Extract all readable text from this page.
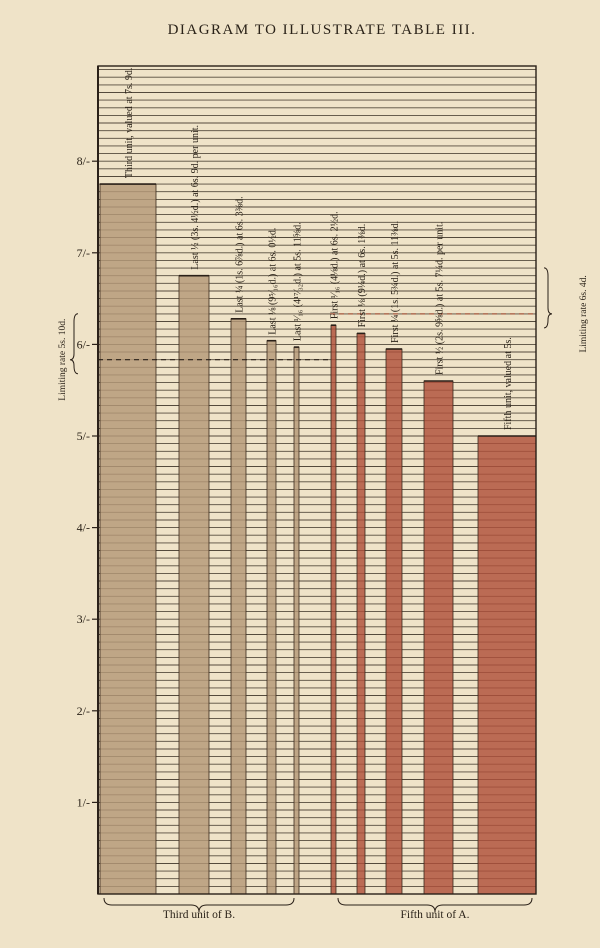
DIAGRAM TO ILLUSTRATE TABLE III.
Limiting rate 5s. 10d.
Limiting rate 6s. 4d.
1/-
2/-
3/-
4/-
5/-
6/-
7/-
8/-	Third unit, valued at 7s. 9d.
Last ½ (3s. 4½d.) at 6s. 9d. per unit.	Last ¼ (1s. 6⅞d.) at 6s. 3⅜d. Last ⅛ (9⁵⁄₁₆d.) at 6s. 0½d. Last ¹⁄₁₆ (4¹⁷⁄₃₂d.) at 5s. 11⅝d.	First ¹⁄₁₆ (4⅛d.) at 6s. 2½d. First ⅛ (9¼d.) at 6s. 1⅜d. First ¼ (1s. 5¾d.) at 5s. 11⅜d.	First ½ (2s. 9⅝d.) at 5s. 7¼d. per unit.
Fifth unit, valued at 5s.
Third unit of B.	Fifth unit of A.
